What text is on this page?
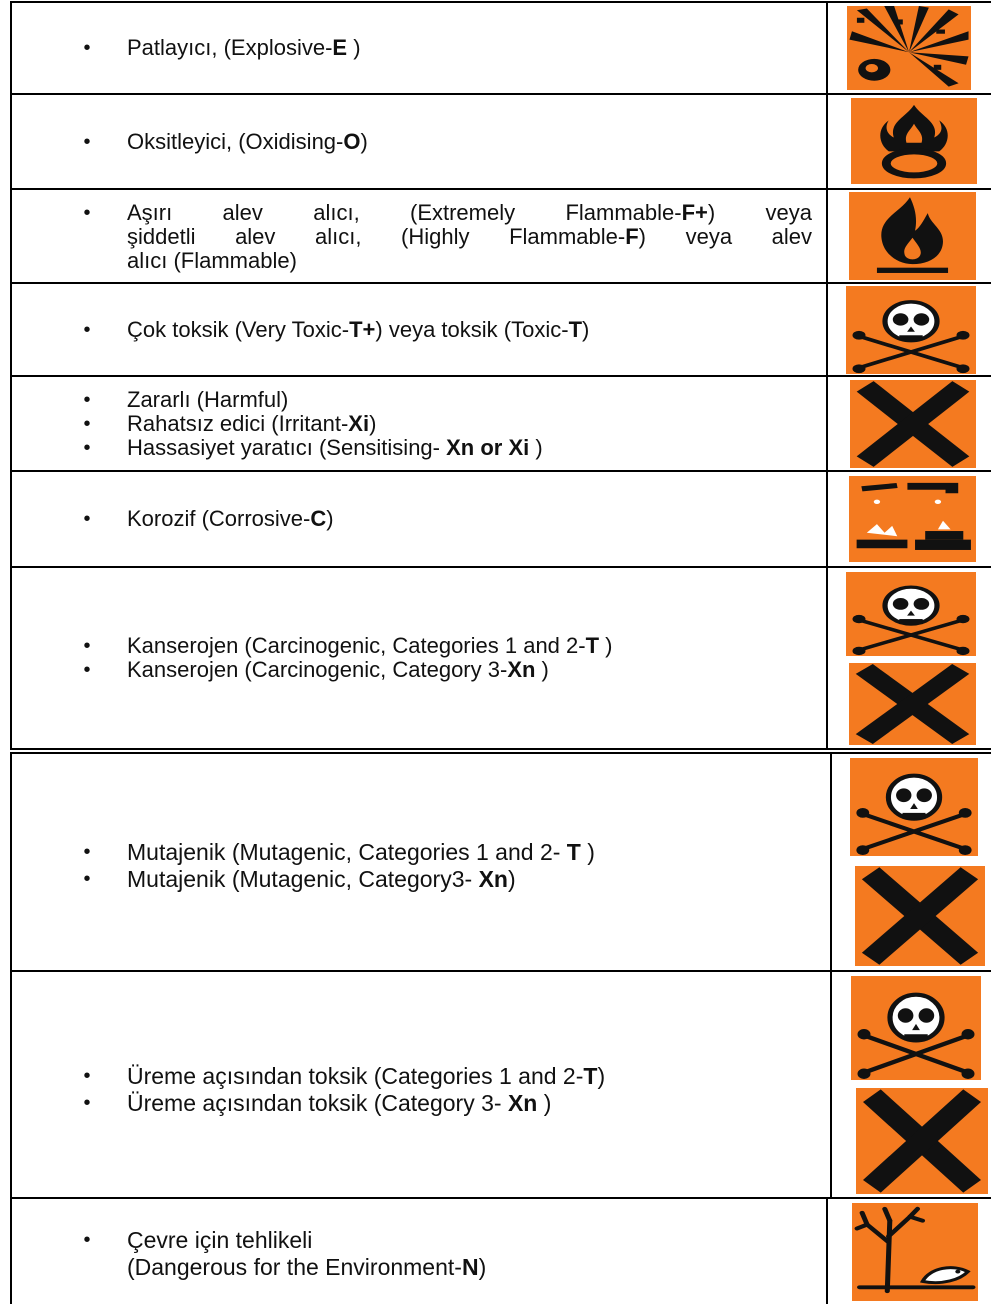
• Patlayıcı, (Explosive-E )
• Oksitleyici, (Oxidising-O)
• Aşırı alev alıcı, (Extremely Flammable-F+) veya
şiddetli alev alıcı, (Highly Flammable-F) veya alev
alıcı (Flammable)
• Çok toksik (Very Toxic-T+) veya toksik (Toxic-T)
• Zararlı (Harmful)
• Rahatsız edici (Irritant-Xi)
• Hassasiyet yaratıcı (Sensitising- Xn or Xi )
• Korozif (Corrosive-C)
• Kanserojen (Carcinogenic, Categories 1 and 2-T )
• Kanserojen (Carcinogenic, Category 3-Xn )
• Mutajenik (Mutagenic, Categories 1 and 2- T )
• Mutajenik (Mutagenic, Category3- Xn)
• Üreme açısından toksik (Categories 1 and 2-T)
• Üreme açısından toksik (Category 3- Xn )
• Çevre için tehlikeli
(Dangerous for the Environment-N)
